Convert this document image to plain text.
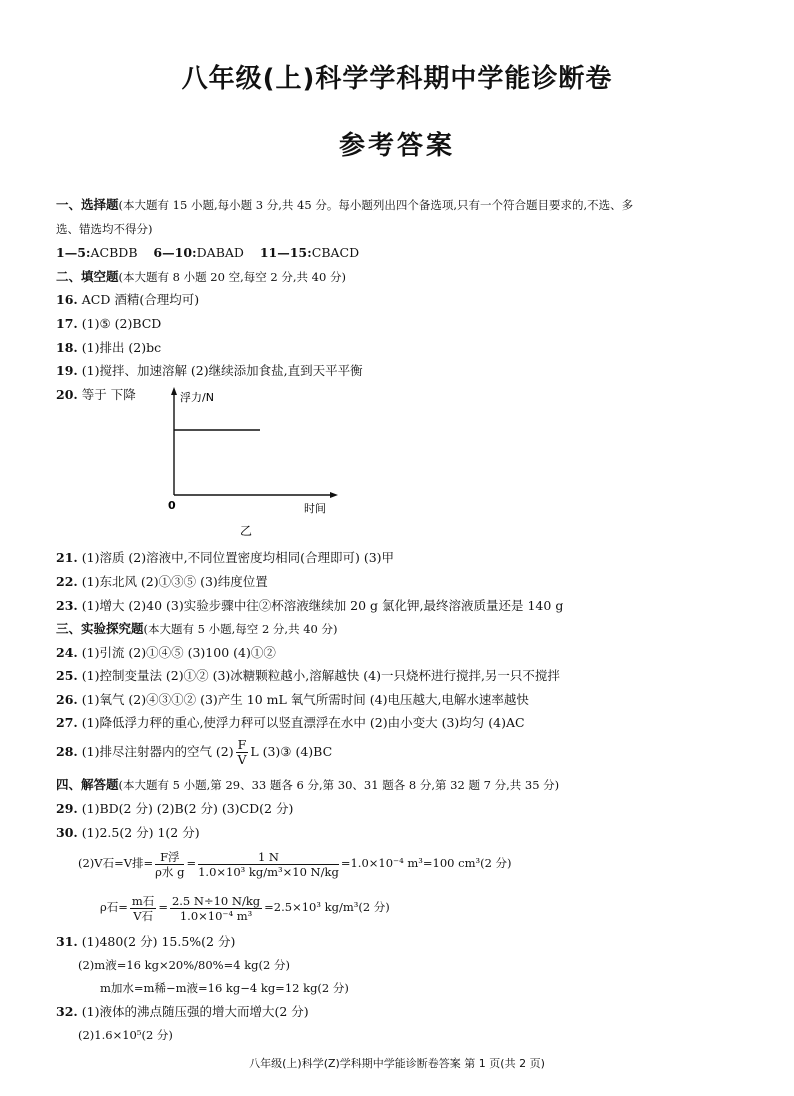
八年级(上)科学学科期中学能诊断卷
参考答案
一、选择题(本大题有 15 小题,每小题 3 分,共 45 分。每小题列出四个备选项,只有一个符合题目要求的,不选、多
选、错选均不得分)
1—5:ACBDB 6—10:DABAD 11—15:CBACD
二、填空题(本大题有 8 小题 20 空,每空 2 分,共 40 分)
16. ACD 酒精(合理均可)
17. (1)⑤ (2)BCD
18. (1)排出 (2)bc
19. (1)搅拌、加速溶解 (2)继续添加食盐,直到天平平衡
20. 等于 下降	浮力/N
时间
0
乙
21. (1)溶质 (2)溶液中,不同位置密度均相同(合理即可) (3)甲
22. (1)东北风 (2)①③⑤ (3)纬度位置
23. (1)增大 (2)40 (3)实验步骤中往②杯溶液继续加 20 g 氯化钾,最终溶液质量还是 140 g
三、实验探究题(本大题有 5 小题,每空 2 分,共 40 分)
24. (1)引流 (2)①④⑤ (3)100 (4)①②
25. (1)控制变量法 (2)①② (3)冰糖颗粒越小,溶解越快 (4)一只烧杯进行搅拌,另一只不搅拌
26. (1)氧气 (2)④③①② (3)产生 10 mL 氧气所需时间 (4)电压越大,电解水速率越快
27. (1)降低浮力秤的重心,使浮力秤可以竖直漂浮在水中 (2)由小变大 (3)均匀 (4)AC
28. (1)排尽注射器内的空气 $(2) \frac{F}{V}$ L (3)③ (4)BC
四、解答题(本大题有 5 小题,第 29、33 题各 6 分,第 30、31 题各 8 分,第 32 题 7 分,共 35 分)
29. (1)BD(2 分) (2)B(2 分) (3)CD(2 分)
30. (1)2.5(2 分) 1(2 分)
(2)V石=V排= $\frac{\text{F浮}}{\text{ρ水 g}} = \frac{1 N}{\text{1.0×10³ kg/m³×10 N/kg}} =1.0\times 10^{-4}$ m³=100 cm³(2 分)
ρ石= $\frac{\text{m石}}{\text{V石}} = \frac{2.5 N\div 10 N/kg}{\text{1.0×10⁻⁴ m³}} =2.5\times 10^3$ kg/m³(2 分)
31. (1)480(2 分) 15.5%(2 分)
(2)m液=16 kg×20%/80%=4 kg(2 分)
m加水=m稀−m液=16 kg−4 kg=12 kg(2 分)
32. (1)液体的沸点随压强的增大而增大(2 分)
(2)1.6×10⁵(2 分)
八年级(上)科学(Z)学科期中学能诊断卷答案 第 1 页(共 2 页)
